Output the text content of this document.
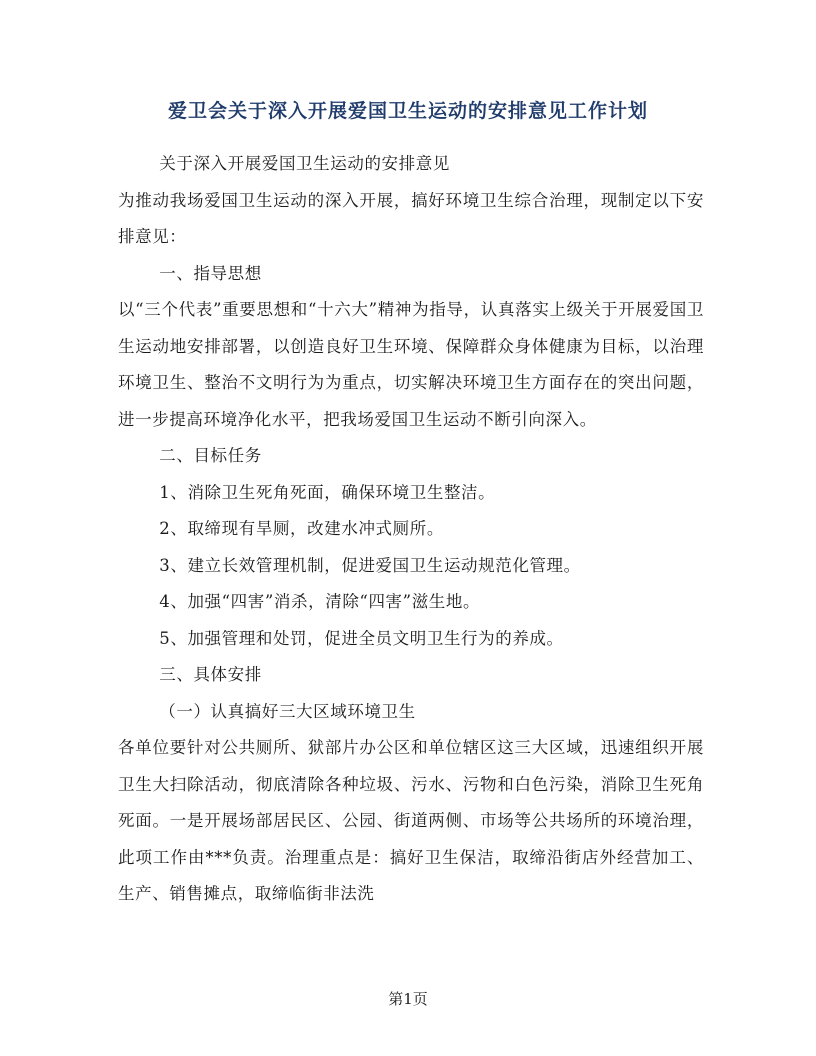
爱卫会关于深入开展爱国卫生运动的安排意见工作计划

关于深入开展爱国卫生运动的安排意见

为推动我场爱国卫生运动的深入开展，搞好环境卫生综合治理，现制定以下安排意见：

一、指导思想

以“三个代表”重要思想和“十六大”精神为指导，认真落实上级关于开展爱国卫生运动地安排部署，以创造良好卫生环境、保障群众身体健康为目标，以治理环境卫生、整治不文明行为为重点，切实解决环境卫生方面存在的突出问题，进一步提高环境净化水平，把我场爱国卫生运动不断引向深入。

二、目标任务

1、消除卫生死角死面，确保环境卫生整洁。

2、取缔现有旱厕，改建水冲式厕所。

3、建立长效管理机制，促进爱国卫生运动规范化管理。

4、加强“四害”消杀，清除“四害”滋生地。

5、加强管理和处罚，促进全员文明卫生行为的养成。

三、具体安排

（一）认真搞好三大区域环境卫生

各单位要针对公共厕所、狱部片办公区和单位辖区这三大区域，迅速组织开展卫生大扫除活动，彻底清除各种垃圾、污水、污物和白色污染，消除卫生死角死面。一是开展场部居民区、公园、街道两侧、市场等公共场所的环境治理，此项工作由***负责。治理重点是：搞好卫生保洁，取缔沿街店外经营加工、生产、销售摊点，取缔临街非法洗

第1页
